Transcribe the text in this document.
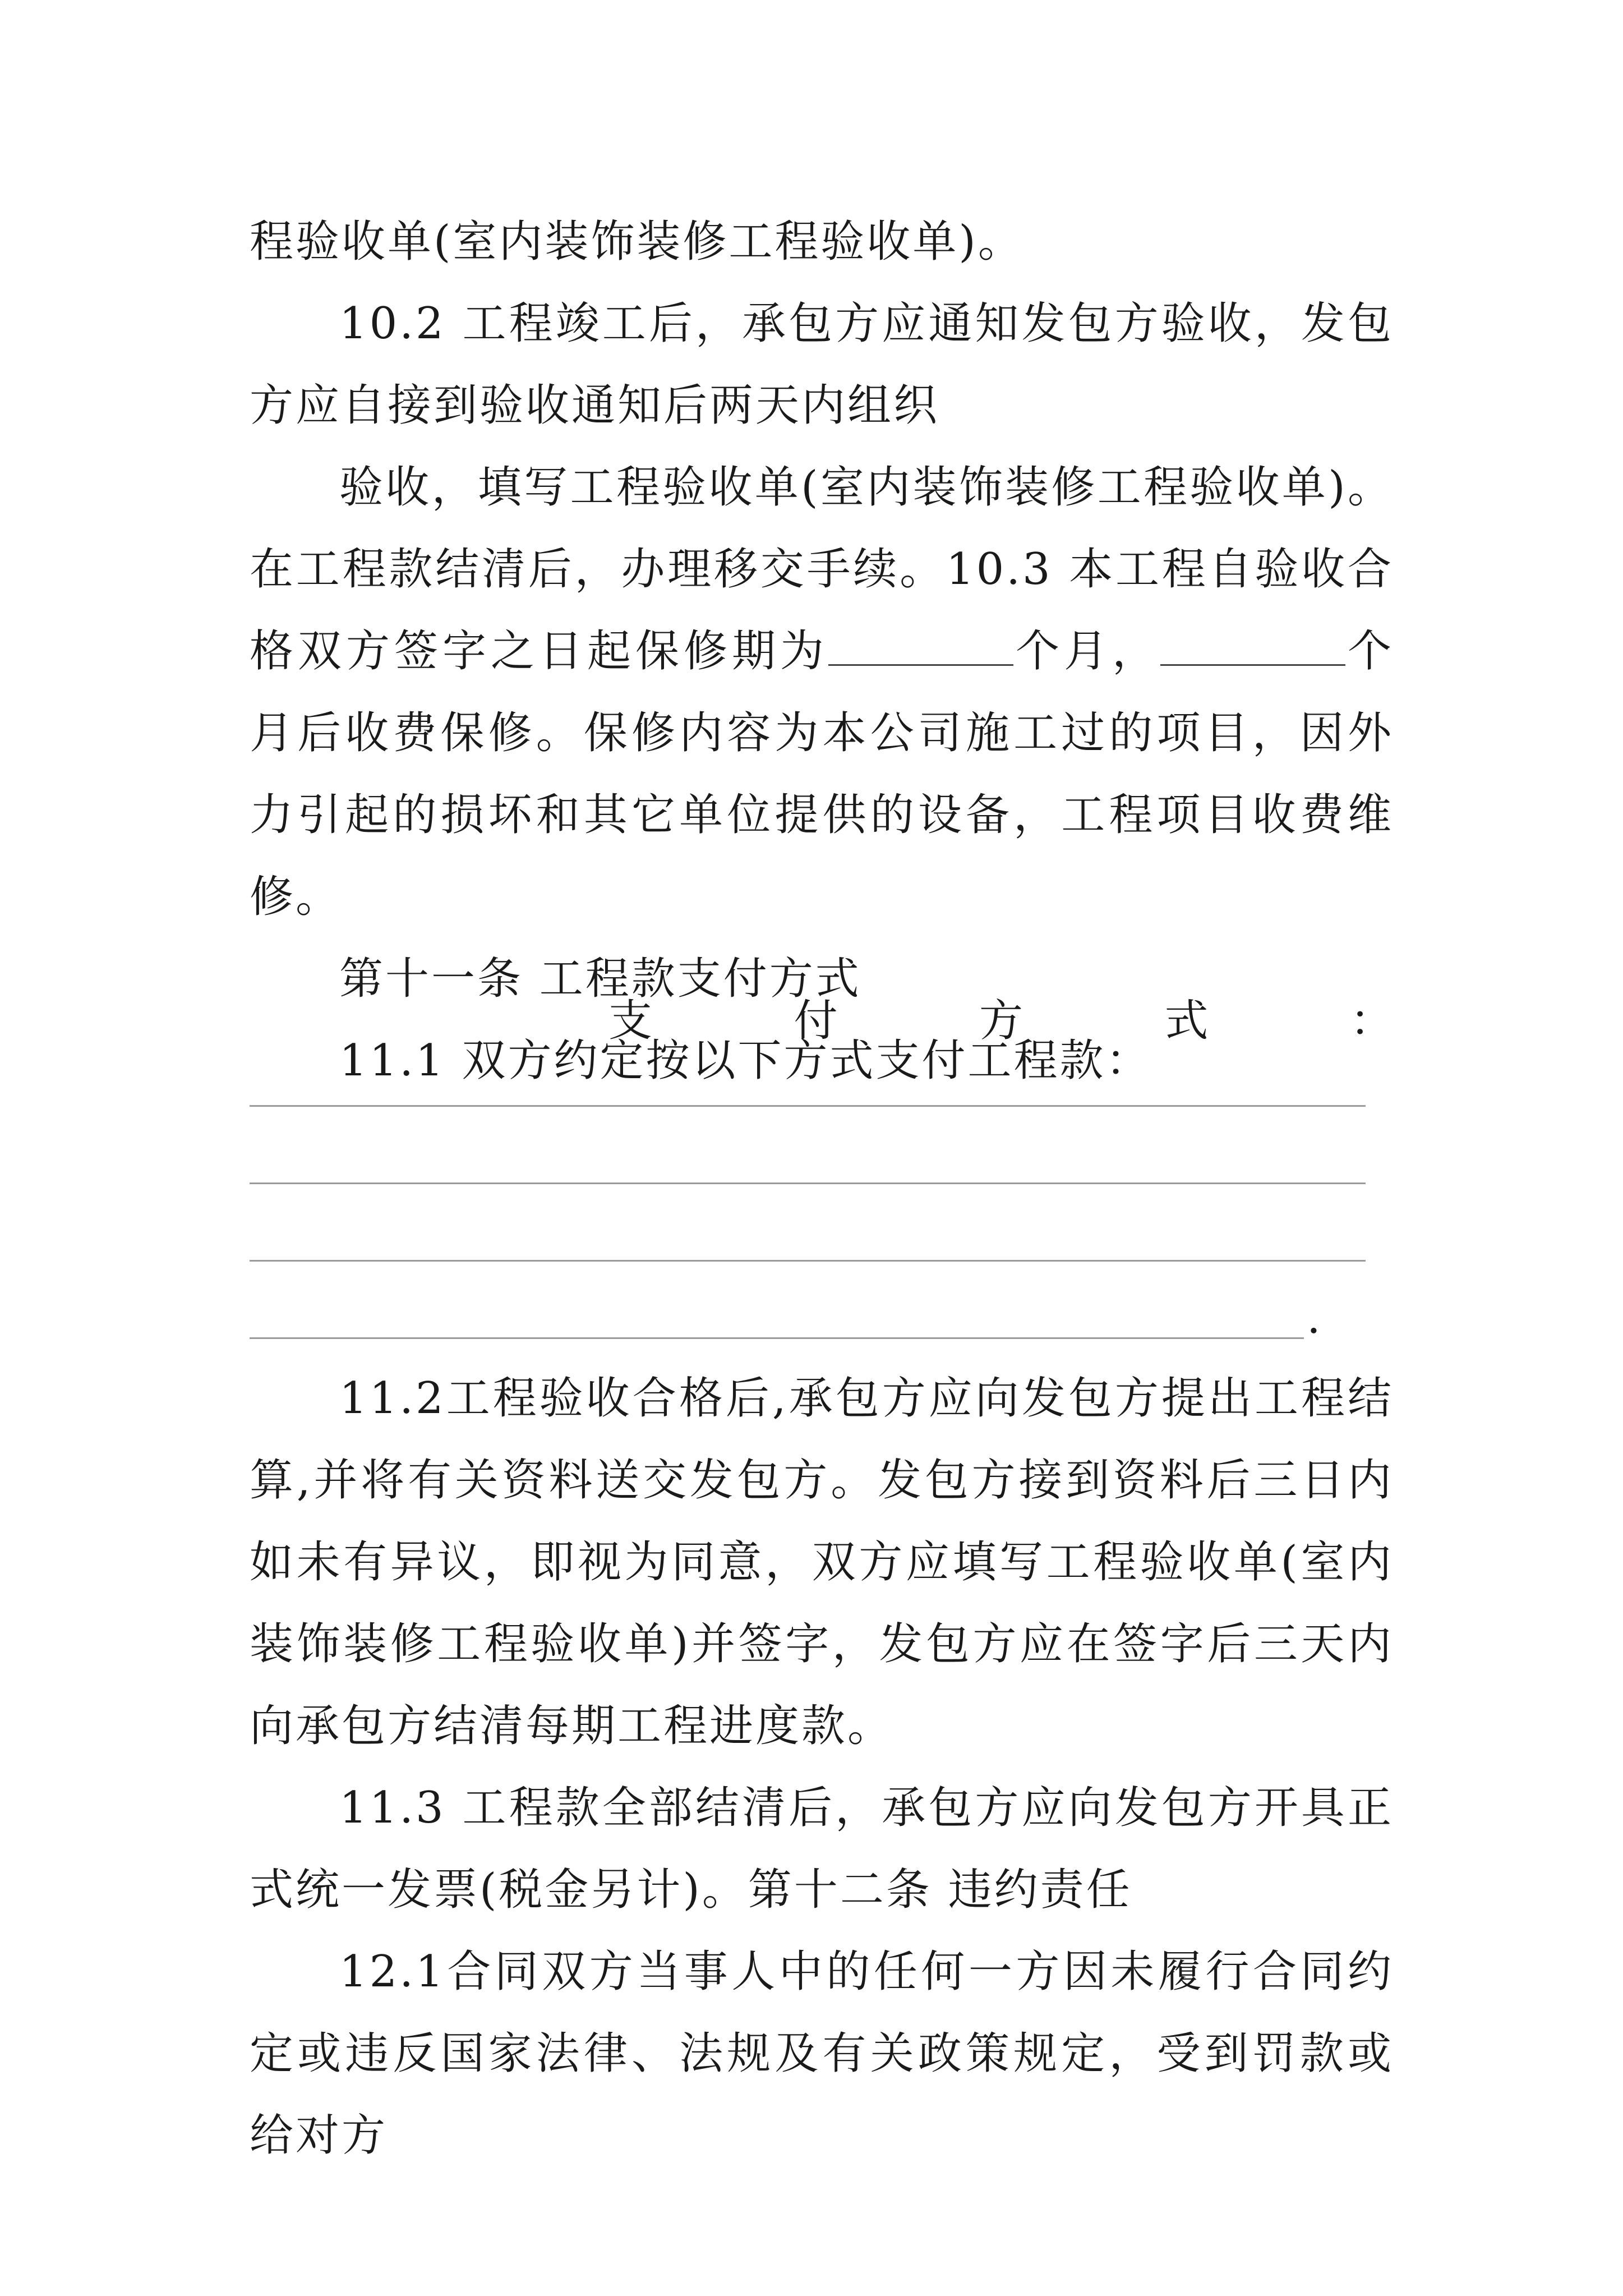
程验收单(室内装饰装修工程验收单)。

10.2 工程竣工后，承包方应通知发包方验收，发包方应自接到验收通知后两天内组织

验收，填写工程验收单(室内装饰装修工程验收单)。在工程款结清后，办理移交手续。10.3 本工程自验收合格双方签字之日起保修期为	个月，	个月后收费保修。保修内容为本公司施工过的项目，因外力引起的损坏和其它单位提供的设备，工程项目收费维修。

第十一条 工程款支付方式

11.1 双方约定按以下方式支付工程款：

支	付	方	式	：
.

11.2工程验收合格后,承包方应向发包方提出工程结算,并将有关资料送交发包方。发包方接到资料后三日内如未有异议，即视为同意，双方应填写工程验收单(室内装饰装修工程验收单)并签字，发包方应在签字后三天内向承包方结清每期工程进度款。

11.3 工程款全部结清后，承包方应向发包方开具正式统一发票(税金另计)。第十二条 违约责任

12.1合同双方当事人中的任何一方因未履行合同约定或违反国家法律、法规及有关政策规定，受到罚款或给对方
